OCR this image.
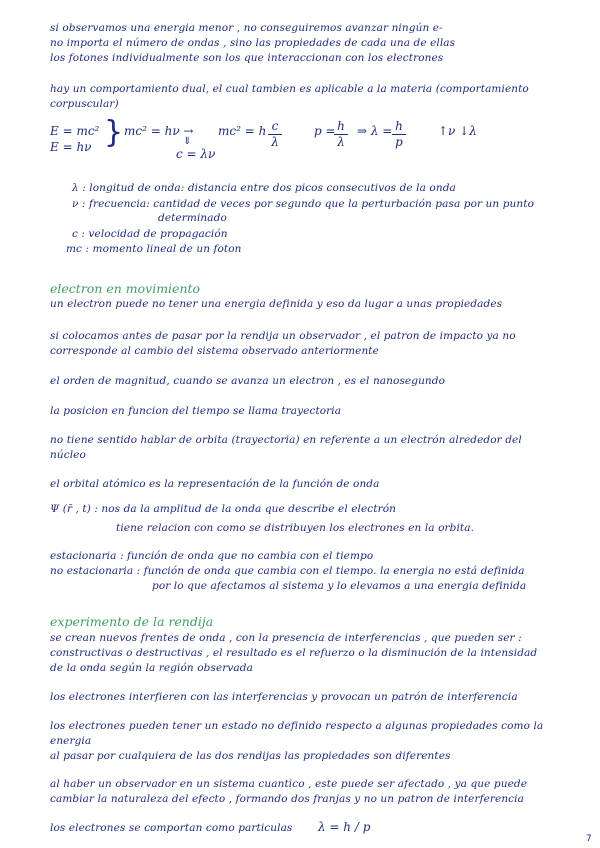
si observamos una energia menor , no conseguiremos avanzar ningún e-
no importa el número de ondas , sino las propiedades de cada una de ellas
los fotones individualmente son los que interaccionan con los electrones
hay un comportamiento dual, el cual tambien es aplicable a la materia (comportamiento
corpuscular)
E = mc²
E = hν } mc² = hν → mc² = h c
λ
⇓
c = λν
p = h
λ
⇒ λ = h
p
↑ν ↓λ
λ : longitud de onda: distancia entre dos picos consecutivos de la onda
ν : frecuencia: cantidad de veces por segundo que la perturbación pasa por un punto
determinado
c : velocidad de propagación
mc : momento lineal de un foton
electron en movimiento
un electron puede no tener una energia definida y eso da lugar a unas propiedades
si colocamos antes de pasar por la rendija un observador , el patron de impacto ya no
corresponde al cambio del sistema observado anteriormente
el orden de magnitud, cuando se avanza un electron , es el nanosegundo
la posicion en funcion del tiempo se llama trayectoria
no tiene sentido hablar de orbita (trayectoria) en referente a un electrón alrededor del
núcleo
el orbital atómico es la representación de la función de onda
Ψ (r̄ , t) : nos da la amplitud de la onda que describe el electrón
tiene relacion con como se distribuyen los electrones en la orbita.
estacionaria : función de onda que no cambia con el tiempo
no estacionaria : función de onda que cambia con el tiempo. la energia no está definida
por lo que afectamos al sistema y lo elevamos a una energia definida
experimento de la rendija
se crean nuevos frentes de onda , con la presencia de interferencias , que pueden ser :
constructivas o destructivas , el resultado es el refuerzo o la disminución de la intensidad
de la onda según la región observada
los electrones interfieren con las interferencias y provocan un patrón de interferencia
los electrones pueden tener un estado no definido respecto a algunas propiedades como la
energia
al pasar por cualquiera de las dos rendijas las propiedades son diferentes
al haber un observador en un sistema cuantico , este puede ser afectado , ya que puede
cambiar la naturaleza del efecto , formando dos franjas y no un patron de interferencia
los electrones se comportan como particulas λ = h / p
7
